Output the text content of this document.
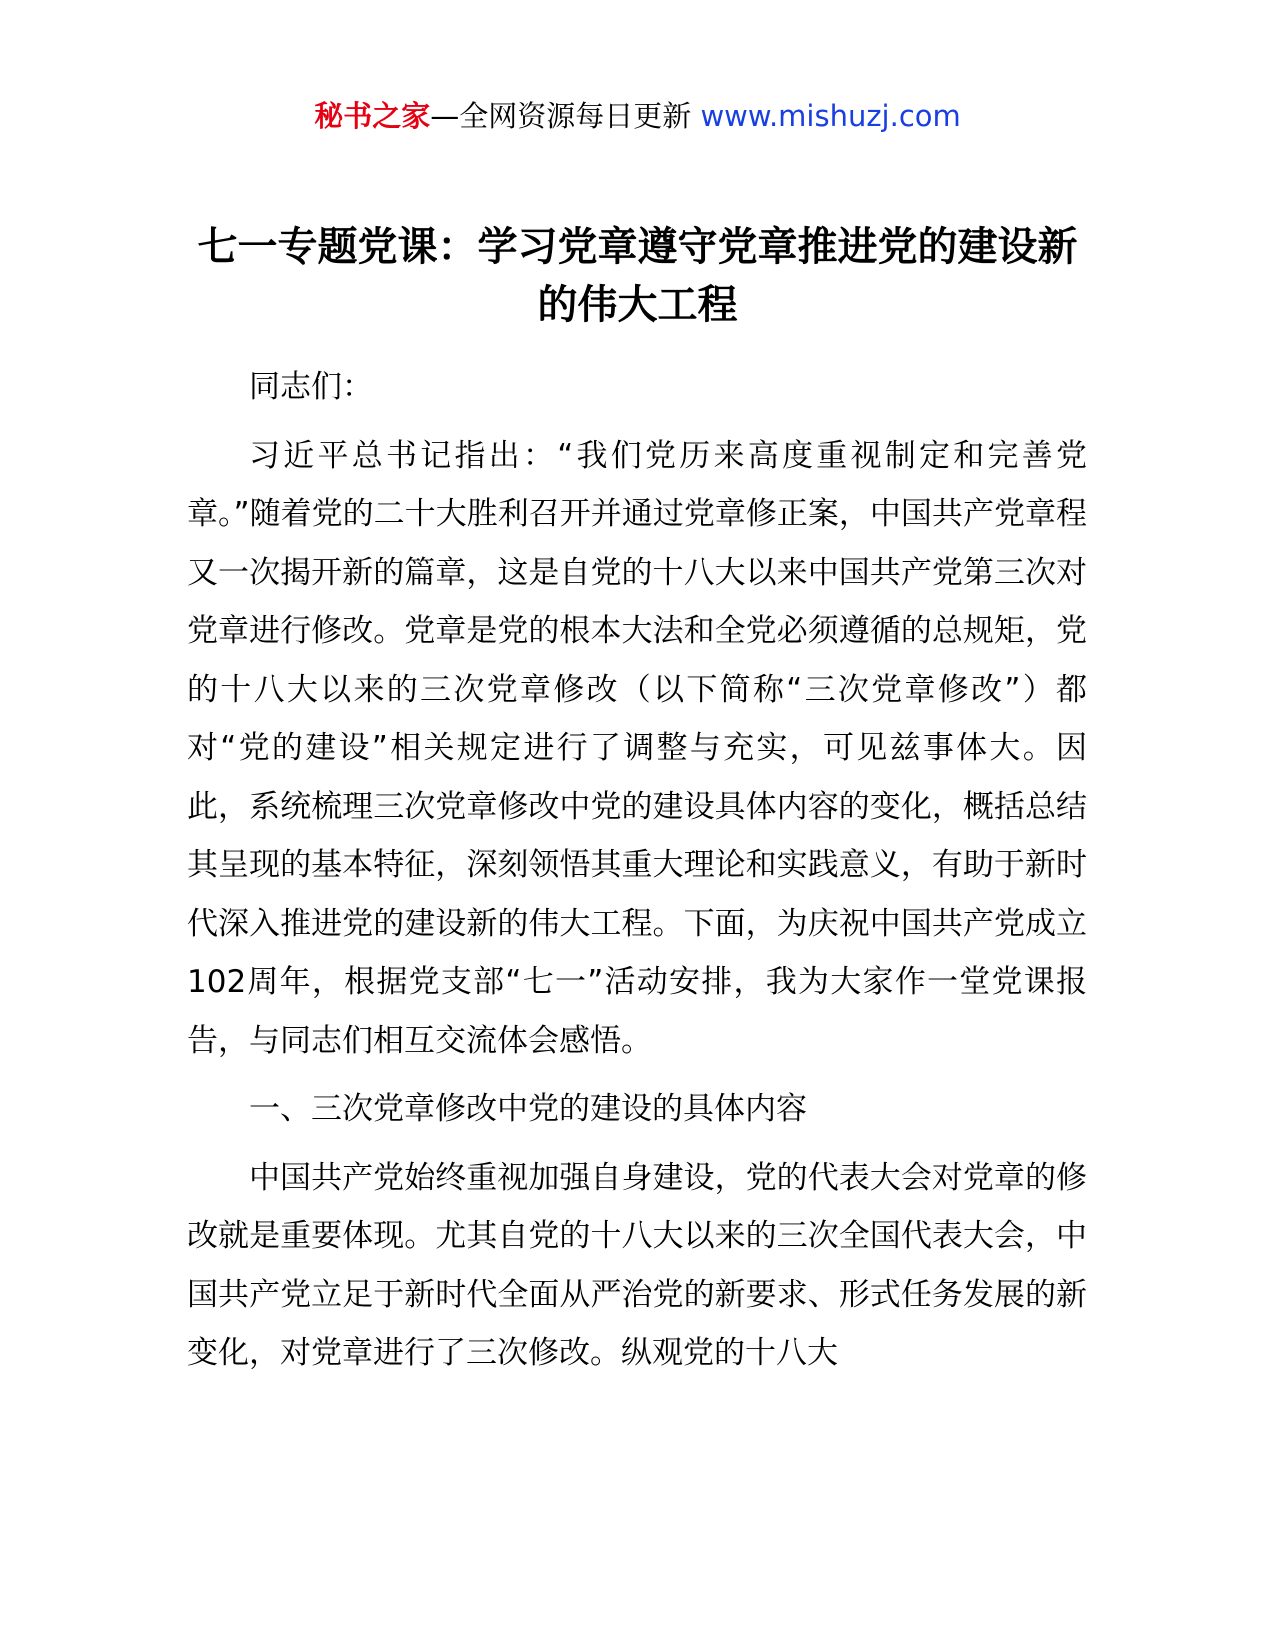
秘书之家—全网资源每日更新 www.mishuzj.com
七一专题党课：学习党章遵守党章推进党的建设新的伟大工程

同志们：

习近平总书记指出：“我们党历来高度重视制定和完善党章。”随着党的二十大胜利召开并通过党章修正案，中国共产党章程又一次揭开新的篇章，这是自党的十八大以来中国共产党第三次对党章进行修改。党章是党的根本大法和全党必须遵循的总规矩，党的十八大以来的三次党章修改（以下简称“三次党章修改”）都对“党的建设”相关规定进行了调整与充实，可见兹事体大。因此，系统梳理三次党章修改中党的建设具体内容的变化，概括总结其呈现的基本特征，深刻领悟其重大理论和实践意义，有助于新时代深入推进党的建设新的伟大工程。下面，为庆祝中国共产党成立102周年，根据党支部“七一”活动安排，我为大家作一堂党课报告，与同志们相互交流体会感悟。

一、三次党章修改中党的建设的具体内容

中国共产党始终重视加强自身建设，党的代表大会对党章的修改就是重要体现。尤其自党的十八大以来的三次全国代表大会，中国共产党立足于新时代全面从严治党的新要求、形式任务发展的新变化，对党章进行了三次修改。纵观党的十八大
